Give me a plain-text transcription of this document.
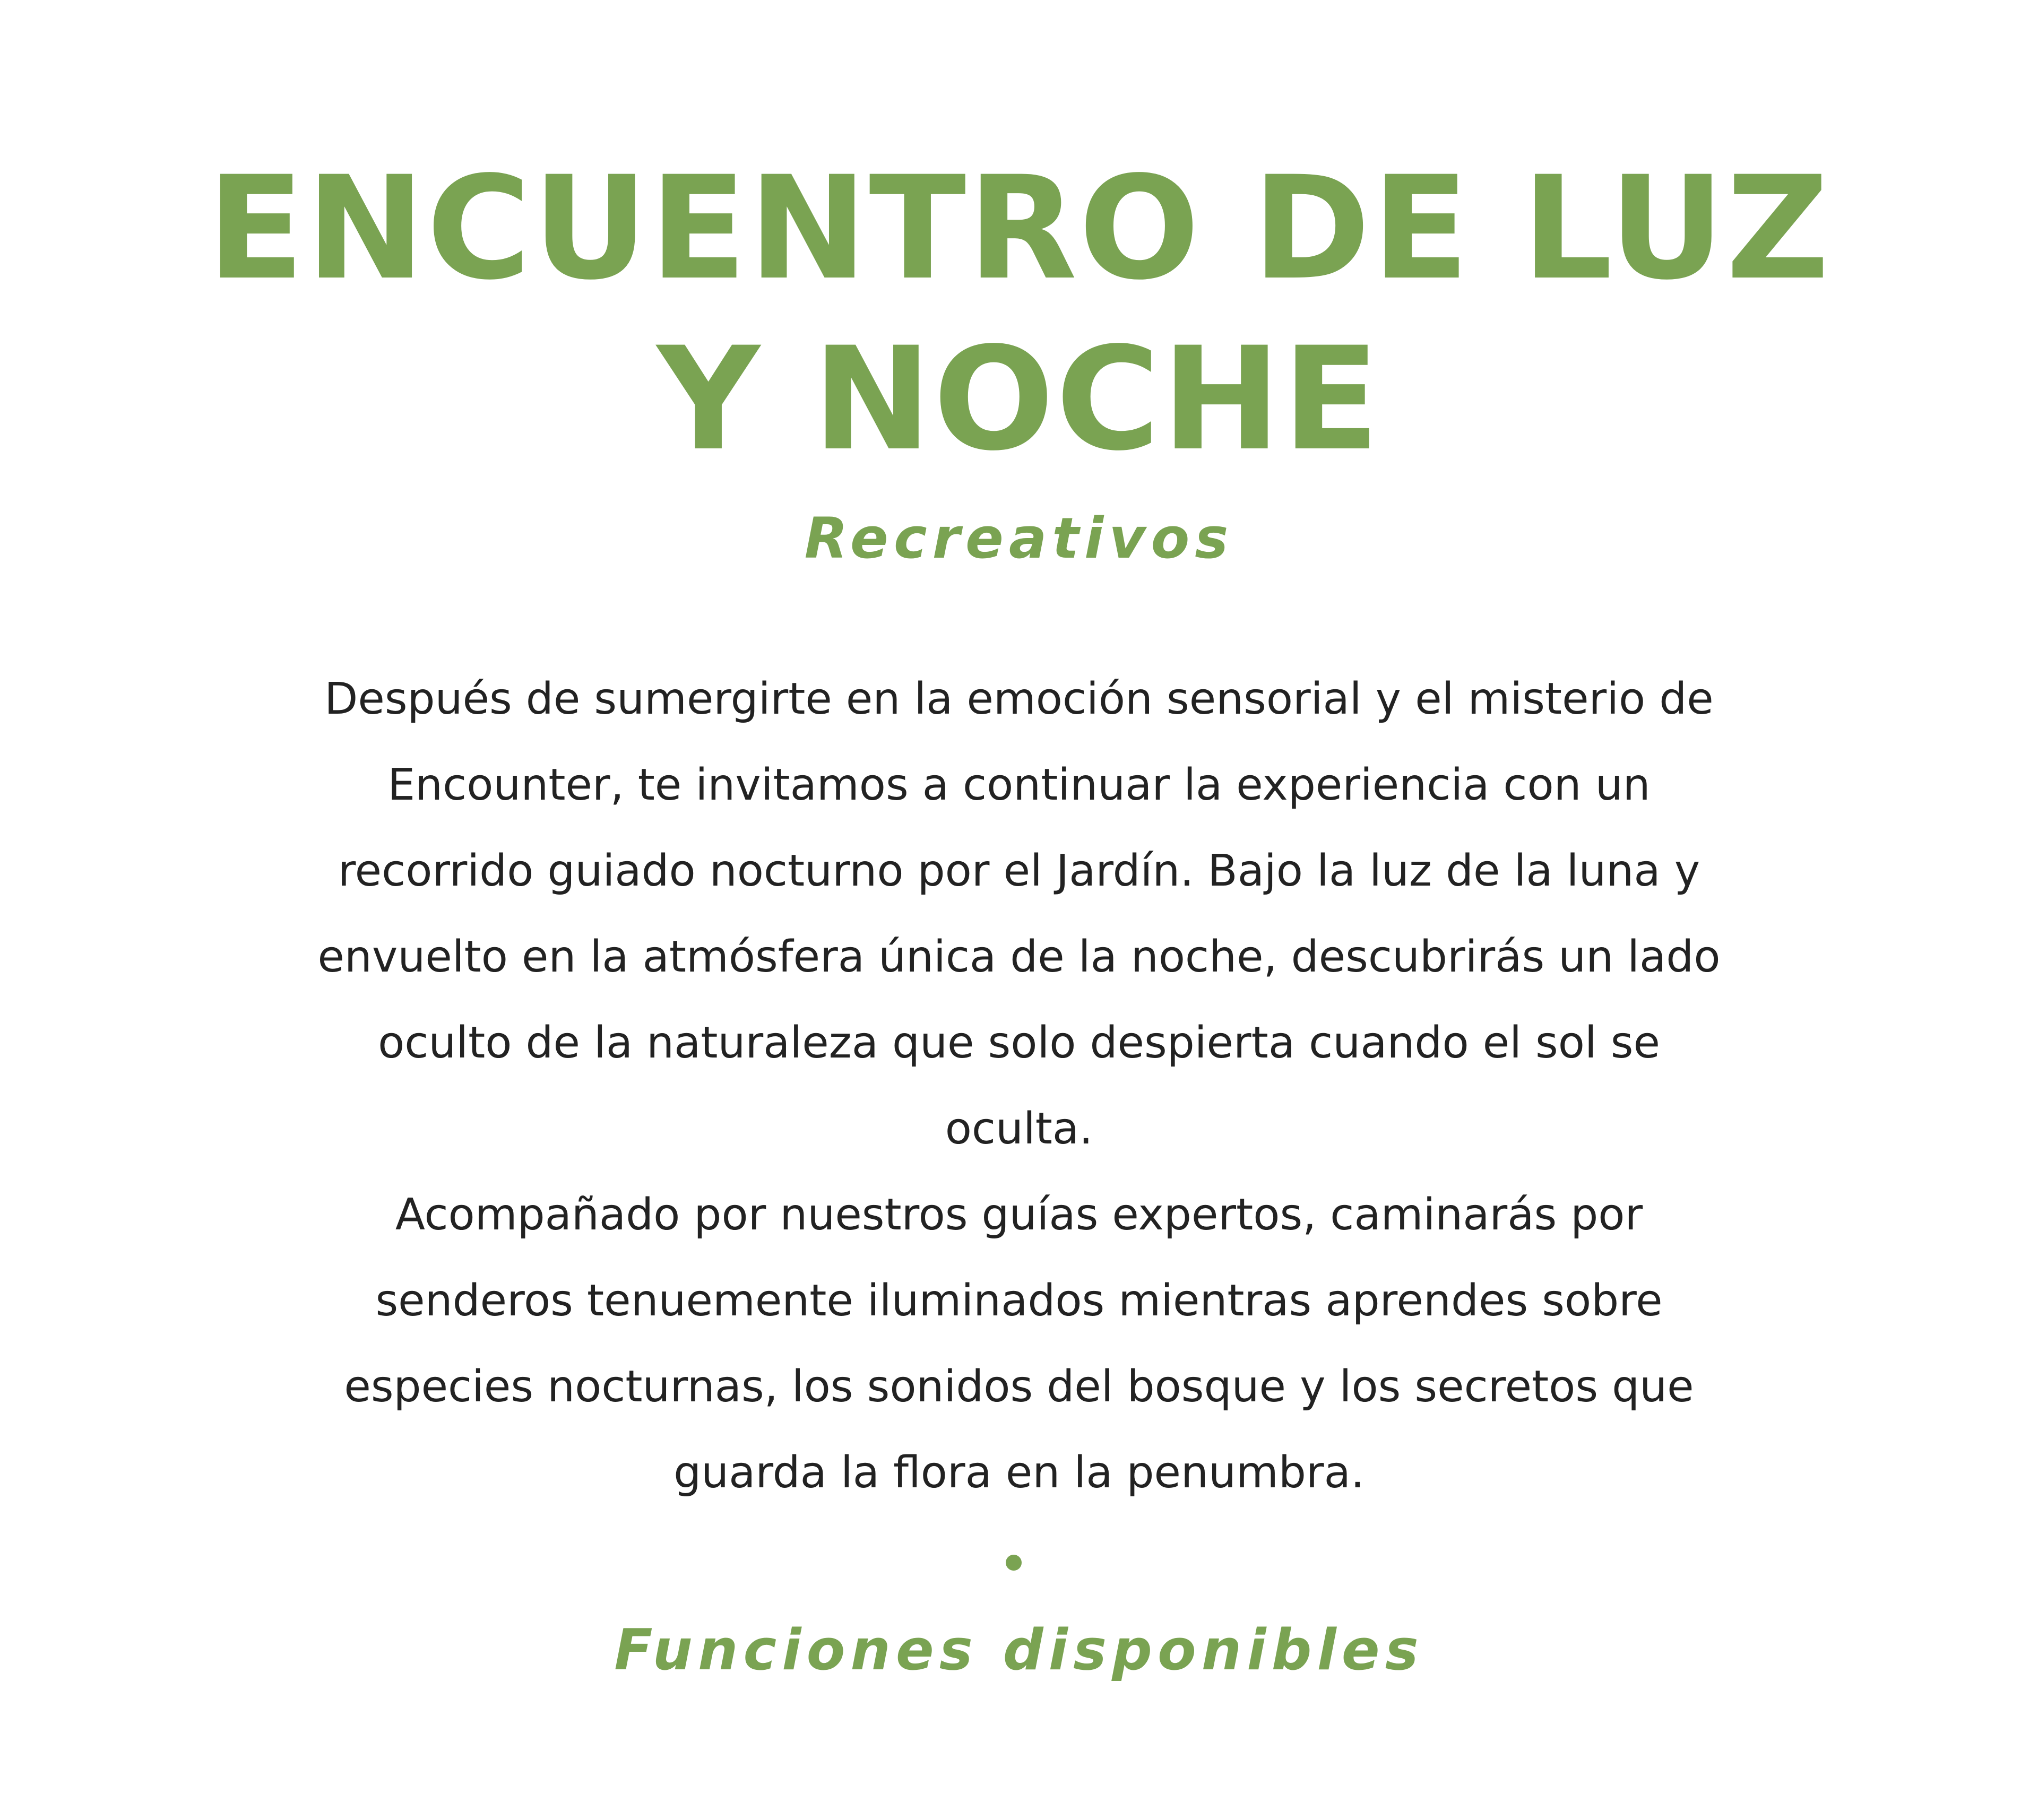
ENCUENTRO DE LUZ
Y NOCHE

Recreativos

Después de sumergirte en la emoción sensorial y el misterio de
Encounter, te invitamos a continuar la experiencia con un
recorrido guiado nocturno por el Jardín. Bajo la luz de la luna y
envuelto en la atmósfera única de la noche, descubrirás un lado
oculto de la naturaleza que solo despierta cuando el sol se
oculta.
Acompañado por nuestros guías expertos, caminarás por
senderos tenuemente iluminados mientras aprendes sobre
especies nocturnas, los sonidos del bosque y los secretos que
guarda la flora en la penumbra.
Funciones disponibles
